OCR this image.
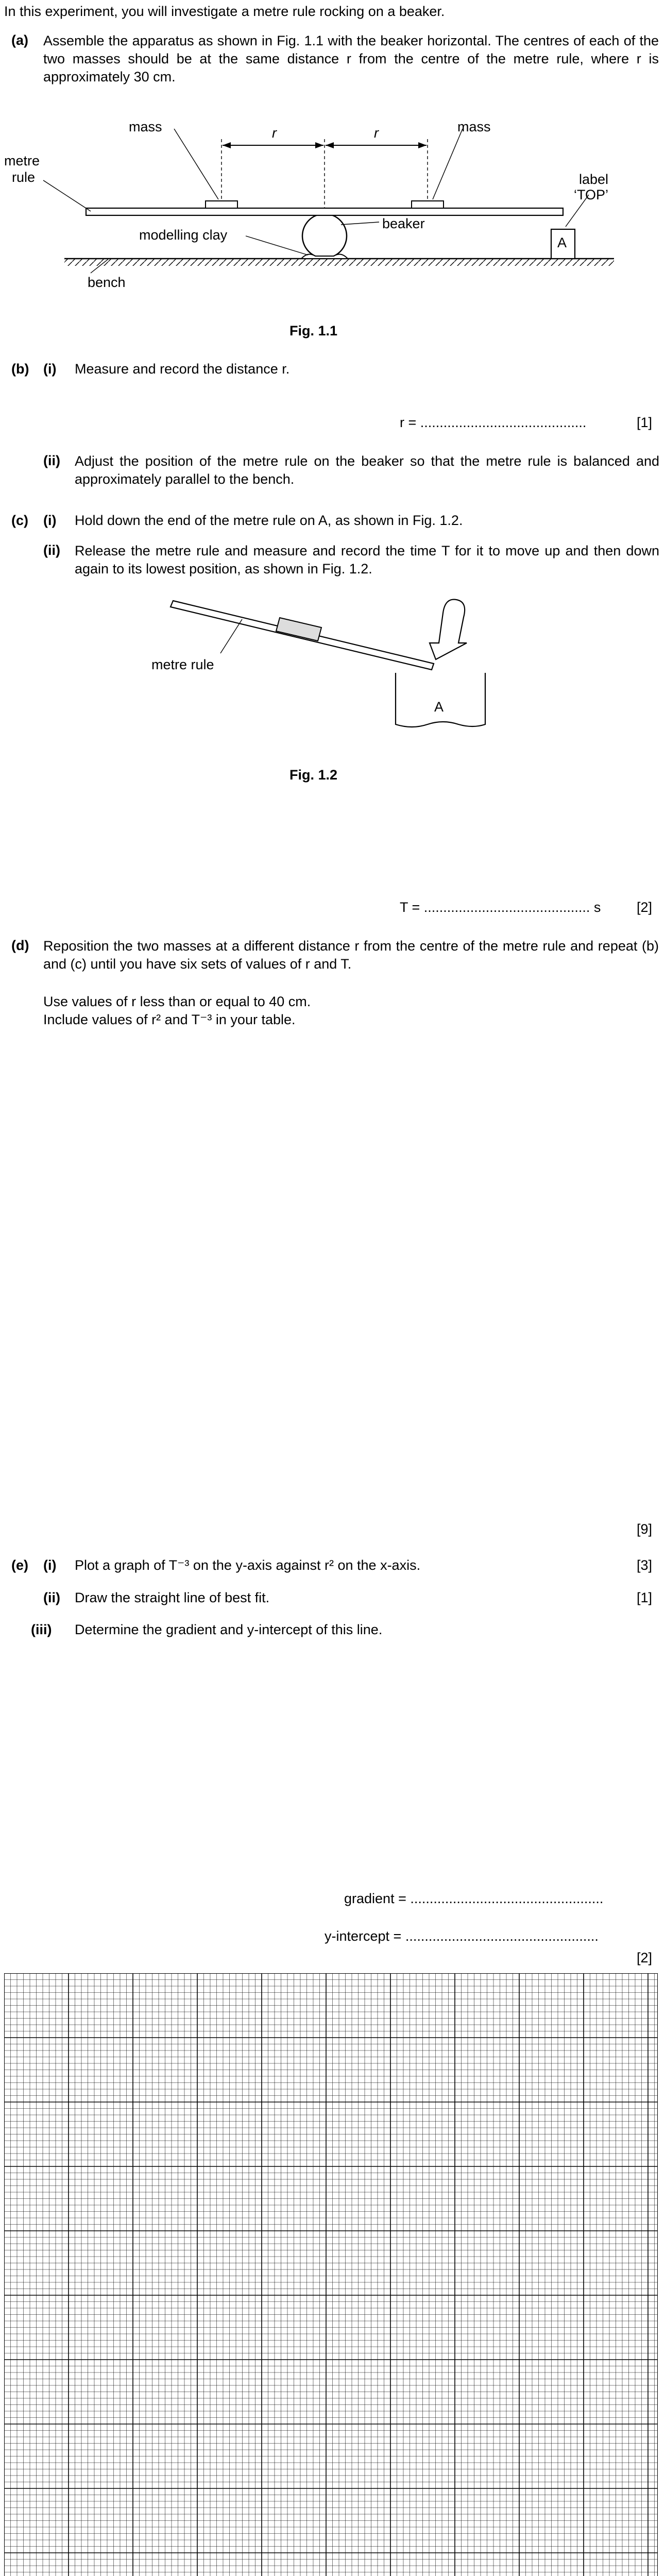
In this experiment, you will investigate a metre rule rocking on a beaker.
(a) Assemble the apparatus as shown in Fig. 1.1 with the beaker horizontal. The centres of each of the two masses should be at the same distance r from the centre of the metre rule, where r is approximately 30 cm.
mass	mass
r	r
metre
rule	label
‘TOP’
A
modelling clay
beaker
bench
Fig. 1.1
(b) (i) Measure and record the distance r.
r = ...........................................	[1]
(ii) Adjust the position of the metre rule on the beaker so that the metre rule is balanced and approximately parallel to the bench.
(c) (i) Hold down the end of the metre rule on A, as shown in Fig. 1.2.
(ii) Release the metre rule and measure and record the time T for it to move up and then down again to its lowest position, as shown in Fig. 1.2.
metre rule
A
Fig. 1.2
T = ........................................... s	[2]
(d) Reposition the two masses at a different distance r from the centre of the metre rule and repeat (b) and (c) until you have six sets of values of r and T.
Use values of r less than or equal to 40 cm.
Include values of r² and T⁻³ in your table.
[9]
(e) (i) Plot a graph of T⁻³ on the y-axis against r² on the x-axis.	[3]
(ii) Draw the straight line of best fit.	[1]
(iii) Determine the gradient and y-intercept of this line.
gradient = ..................................................
y-intercept = ..................................................
[2]
